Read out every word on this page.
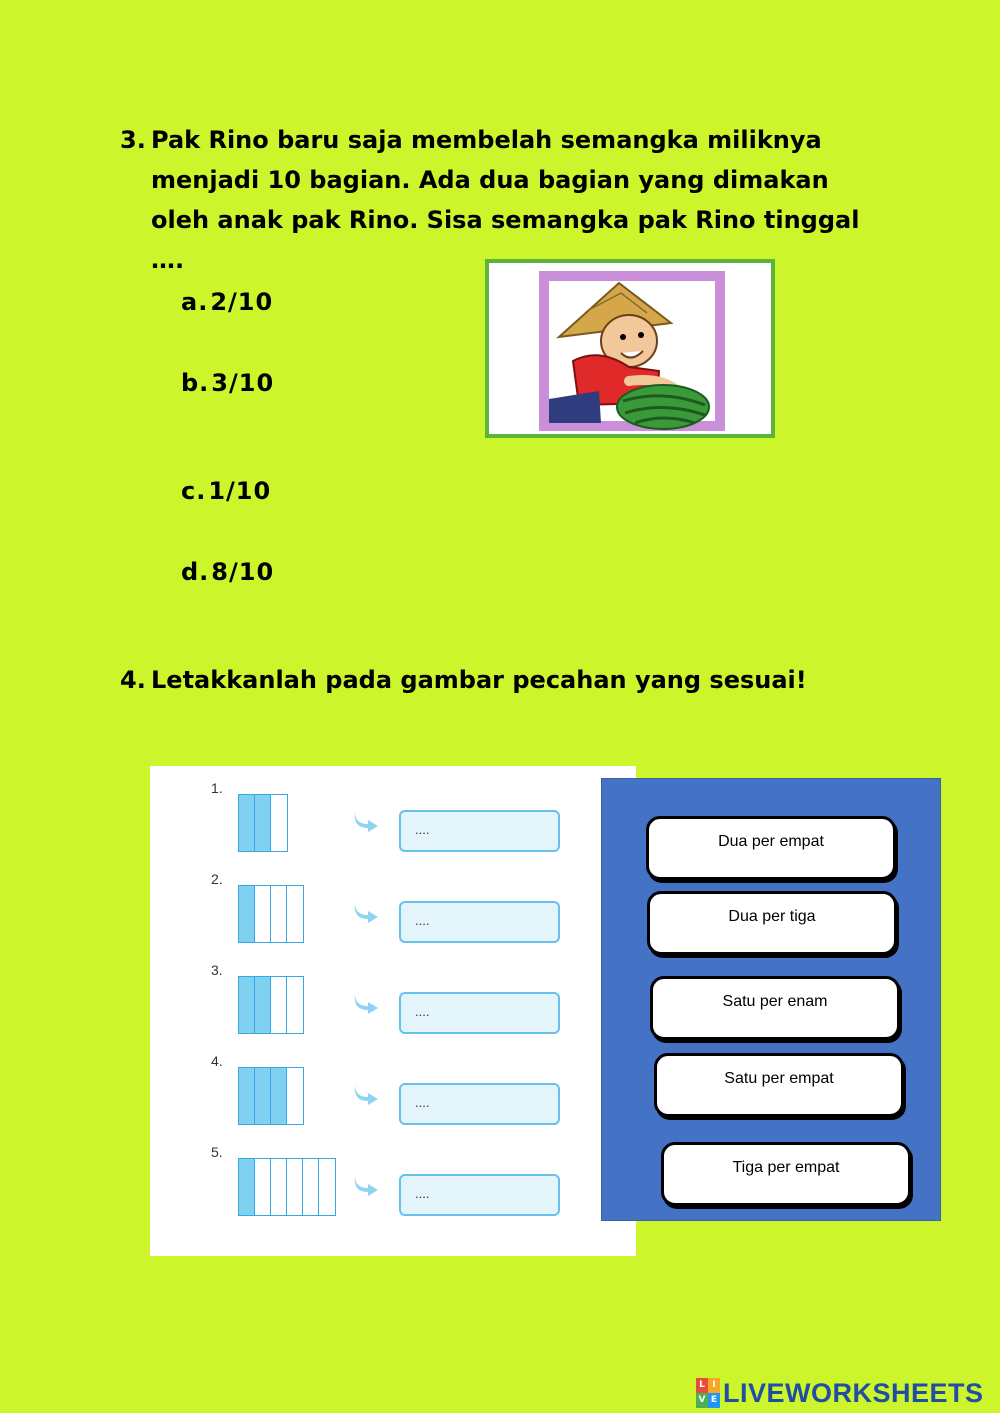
3. Pak Rino baru saja membelah semangka miliknya menjadi 10 bagian. Ada dua bagian yang dimakan oleh anak pak Rino. Sisa semangka pak Rino tinggal ….
a.2/10
b.3/10
c.1/10
d.8/10
4. Letakkanlah pada gambar pecahan yang sesuai!
1.
....
2.
....
3.
....
4.
....
5.
....
Dua per empat
Dua per tiga
Satu per enam
Satu per empat
Tiga per empat
L I
V E LIVEWORKSHEETS
